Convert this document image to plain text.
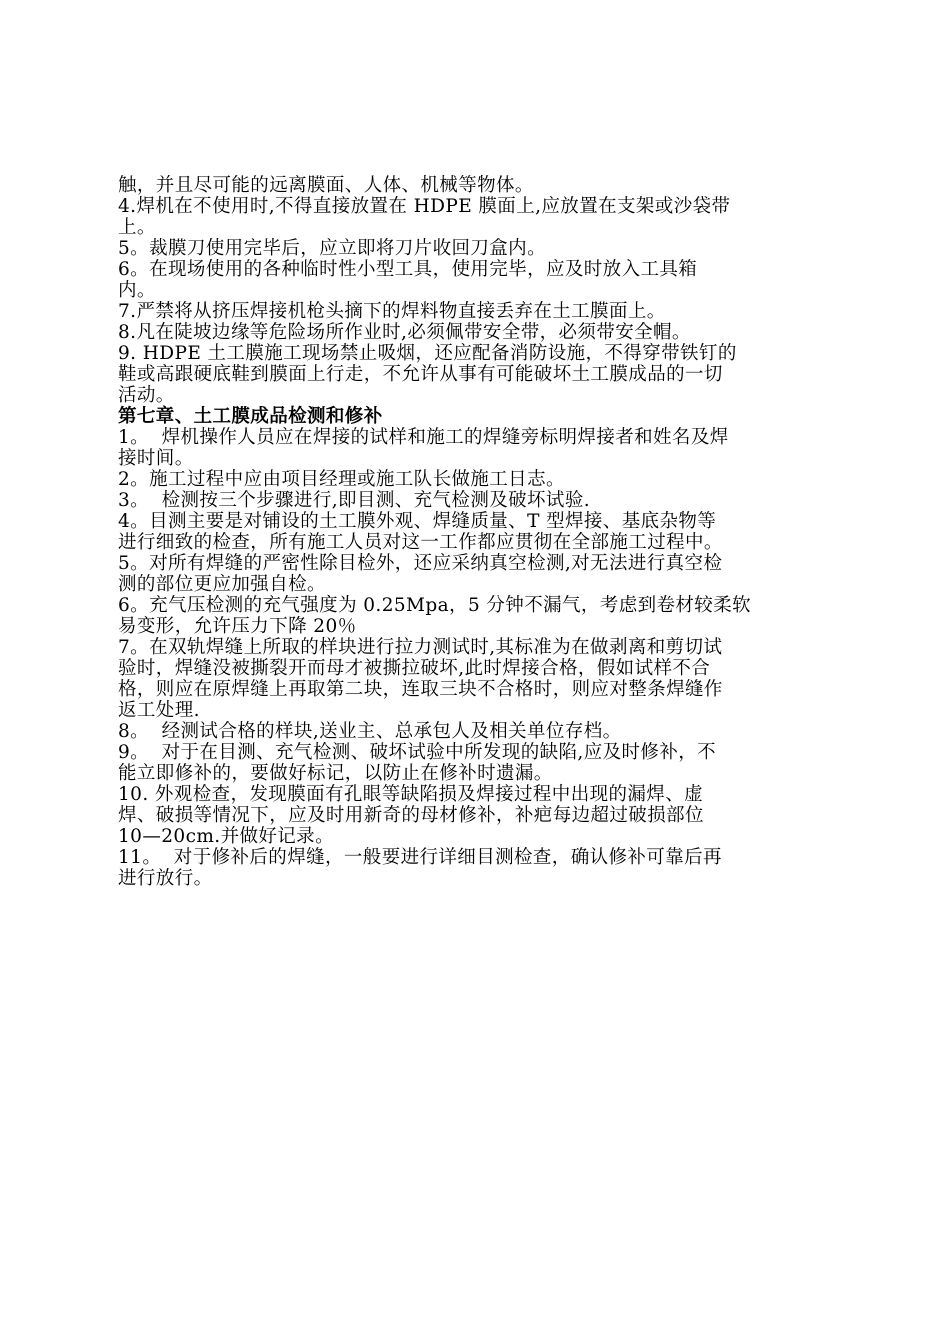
触，并且尽可能的远离膜面、人体、机械等物体。
4.焊机在不使用时,不得直接放置在 HDPE 膜面上,应放置在支架或沙袋带
上。
5。裁膜刀使用完毕后，应立即将刀片收回刀盒内。
6。在现场使用的各种临时性小型工具，使用完毕，应及时放入工具箱
内。
7.严禁将从挤压焊接机枪头摘下的焊料物直接丢弃在土工膜面上。
8.凡在陡坡边缘等危险场所作业时,必须佩带安全带，必须带安全帽。
9. HDPE 土工膜施工现场禁止吸烟，还应配备消防设施，不得穿带铁钉的
鞋或高跟硬底鞋到膜面上行走，不允许从事有可能破坏土工膜成品的一切
活动。
第七章、土工膜成品检测和修补
1。  焊机操作人员应在焊接的试样和施工的焊缝旁标明焊接者和姓名及焊
接时间。
2。施工过程中应由项目经理或施工队长做施工日志。
3。  检测按三个步骤进行,即目测、充气检测及破坏试验.
4。目测主要是对铺设的土工膜外观、焊缝质量、T 型焊接、基底杂物等
进行细致的检查，所有施工人员对这一工作都应贯彻在全部施工过程中。
5。对所有焊缝的严密性除目检外，还应采纳真空检测,对无法进行真空检
测的部位更应加强自检。
6。充气压检测的充气强度为 0.25Mpa，5 分钟不漏气，考虑到卷材较柔软
易变形，允许压力下降 20％
7。在双轨焊缝上所取的样块进行拉力测试时,其标准为在做剥离和剪切试
验时，焊缝没被撕裂开而母才被撕拉破坏,此时焊接合格，假如试样不合
格，则应在原焊缝上再取第二块，连取三块不合格时，则应对整条焊缝作
返工处理.
8。  经测试合格的样块,送业主、总承包人及相关单位存档。
9。  对于在目测、充气检测、破坏试验中所发现的缺陷,应及时修补，不
能立即修补的，要做好标记，以防止在修补时遗漏。
10. 外观检查，发现膜面有孔眼等缺陷损及焊接过程中出现的漏焊、虚
焊、破损等情况下，应及时用新奇的母材修补，补疤每边超过破损部位
10—20cm.并做好记录。
11。  对于修补后的焊缝，一般要进行详细目测检查，确认修补可靠后再
进行放行。
